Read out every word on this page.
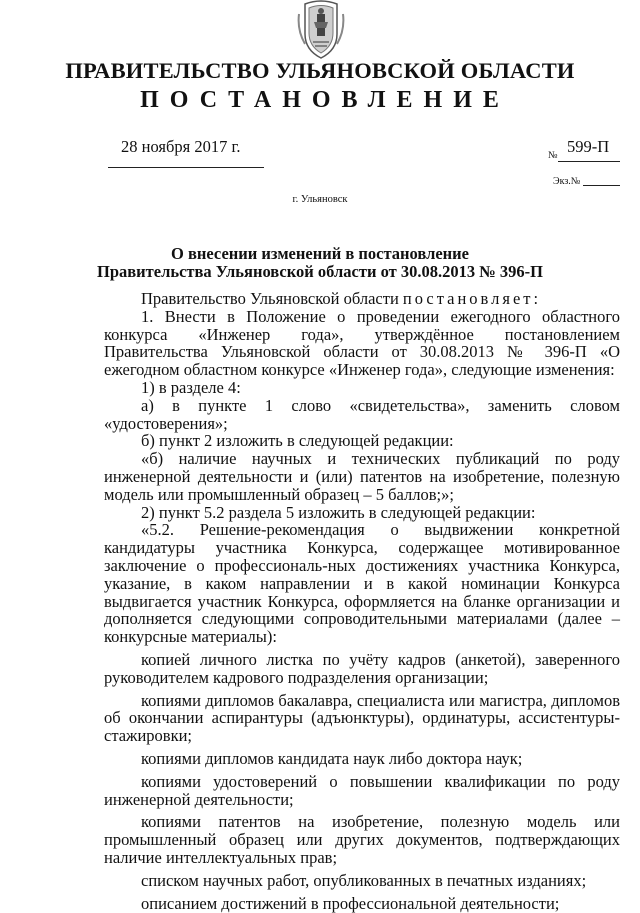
ПРАВИТЕЛЬСТВО УЛЬЯНОВСКОЙ ОБЛАСТИ
ПОСТАНОВЛЕНИЕ
28 ноября 2017 г.	№ 599-П
Экз.№
г. Ульяновск
О внесении изменений в постановление
Правительства Ульяновской области от 30.08.2013 № 396-П

Правительство Ульяновской области постановляет:

1. Внести в Положение о проведении ежегодного областного конкурса «Инженер года», утверждённое постановлением Правительства Ульяновской области от 30.08.2013 № 396-П «О ежегодном областном конкурсе «Инженер года», следующие изменения:

1) в разделе 4:

а) в пункте 1 слово «свидетельства», заменить словом «удостоверения»;

б) пункт 2 изложить в следующей редакции:

«б) наличие научных и технических публикаций по роду инженерной деятельности и (или) патентов на изобретение, полезную модель или промышленный образец – 5 баллов;»;

2) пункт 5.2 раздела 5 изложить в следующей редакции:

«5.2. Решение-рекомендация о выдвижении конкретной кандидатуры участника Конкурса, содержащее мотивированное заключение о профессиональ-ных достижениях участника Конкурса, указание, в каком направлении и в какой номинации Конкурса выдвигается участник Конкурса, оформляется на бланке организации и дополняется следующими сопроводительными материалами (далее – конкурсные материалы):

копией личного листка по учёту кадров (анкетой), заверенного руководителем кадрового подразделения организации;

копиями дипломов бакалавра, специалиста или магистра, дипломов об окончании аспирантуры (адъюнктуры), ординатуры, ассистентуры-стажировки;

копиями дипломов кандидата наук либо доктора наук;

копиями удостоверений о повышении квалификации по роду инженерной деятельности;

копиями патентов на изобретение, полезную модель или промышленный образец или других документов, подтверждающих наличие интеллектуальных прав;

списком научных работ, опубликованных в печатных изданиях;

описанием достижений в профессиональной деятельности;
